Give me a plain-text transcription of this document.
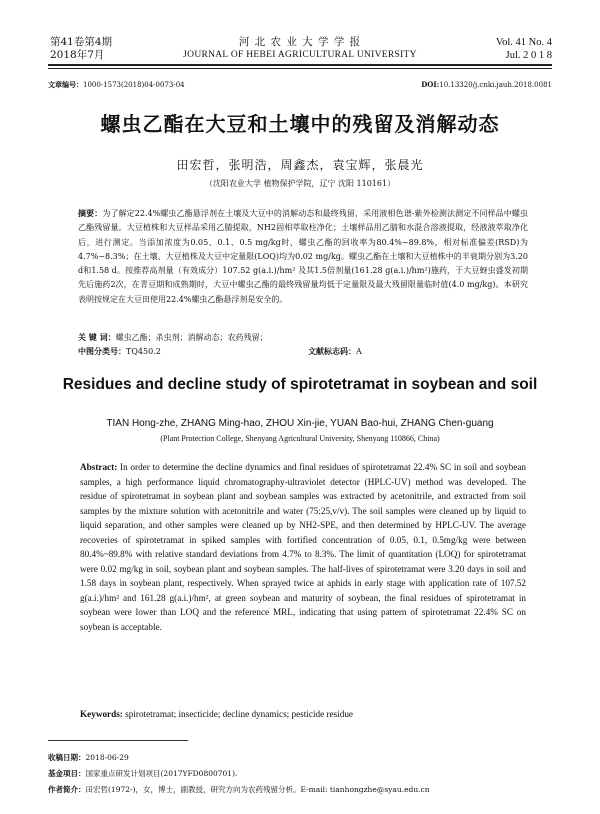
第41卷第4期
2018年7月
河 北 农 业 大 学 学 报
JOURNAL OF HEBEI AGRICULTURAL UNIVERSITY
Vol. 41 No. 4
Jul. 2 0 1 8
文章编号：1000-1573(2018)04-0073-04	DOI:10.13320/j.cnki.jauh.2018.0081
螺虫乙酯在大豆和土壤中的残留及消解动态
田宏哲，张明浩，周鑫杰，袁宝辉，张晨光
（沈阳农业大学 植物保护学院，辽宁 沈阳 110161）
摘要：为了解定22.4%螺虫乙酯悬浮剂在土壤及大豆中的消解动态和最终残留，采用液相色谱-紫外检测法测定不同样品中螺虫乙酯残留量。大豆植株和大豆样品采用乙腈提取，NH2固相萃取柱净化；土壤样品用乙腈和水混合溶液提取，经液液萃取净化后，进行测定。当添加浓度为0.05、0.1、0.5 mg/kg时，螺虫乙酯的回收率为80.4%~89.8%，相对标准偏差(RSD)为4.7%~8.3%；在土壤、大豆植株及大豆中定量限(LOQ)均为0.02 mg/kg。螺虫乙酯在土壤和大豆植株中的半衰期分别为3.20 d和1.58 d。按推荐高剂量（有效成分）107.52 g(a.i.)/hm² 及其1.5倍剂量(161.28 g(a.i.)/hm²)施药，于大豆蚜虫盛发初期先后施药2次，在青豆期和成熟期时，大豆中螺虫乙酯的最终残留量均低于定量限及最大残留限量临时值(4.0 mg/kg)。本研究表明按规定在大豆田使用22.4%螺虫乙酯悬浮剂是安全的。
关 键 词：螺虫乙酯；杀虫剂；消解动态；农药残留；
中图分类号：TQ450.2	文献标志码：A
Residues and decline study of spirotetramat in soybean and soil
TIAN Hong-zhe, ZHANG Ming-hao, ZHOU Xin-jie, YUAN Bao-hui, ZHANG Chen-guang
(Plant Protection College, Shenyang Agricultural University, Shenyang 110866, China)
Abstract: In order to determine the decline dynamics and final residues of spirotetramat 22.4% SC in soil and soybean samples, a high performance liquid chromatography-ultraviolet detector (HPLC-UV) method was developed. The residue of spirotetramat in soybean plant and soybean samples was extracted by acetonitrile, and extracted from soil samples by the mixture solution with acetonitrile and water (75:25,v/v). The soil samples were cleaned up by liquid to liquid separation, and other samples were cleaned up by NH2-SPE, and then determined by HPLC-UV. The average recoveries of spirotetramat in spiked samples with fortified concentration of 0.05, 0.1, 0.5mg/kg were between 80.4%~89.8% with relative standard deviations from 4.7% to 8.3%. The limit of quantitation (LOQ) for spirotetramat were 0.02 mg/kg in soil, soybean plant and soybean samples. The half-lives of spirotetramat were 3.20 days in soil and 1.58 days in soybean plant, respectively. When sprayed twice at aphids in early stage with application rate of 107.52 g(a.i.)/hm² and 161.28 g(a.i.)/hm², at green soybean and maturity of soybean, the final residues of spirotetramat in soybean were lower than LOQ and the reference MRL, indicating that using pattern of spirotetramat 22.4% SC on soybean is acceptable.
Keywords: spirotetramat; insecticide; decline dynamics; pesticide residue
收稿日期：2018-06-29
基金项目：国家重点研发计划项目(2017YFD0800701).
作者简介：田宏哲(1972-)，女，博士，副教授，研究方向为农药残留分析。E-mail: tianhongzhe@syau.edu.cn
